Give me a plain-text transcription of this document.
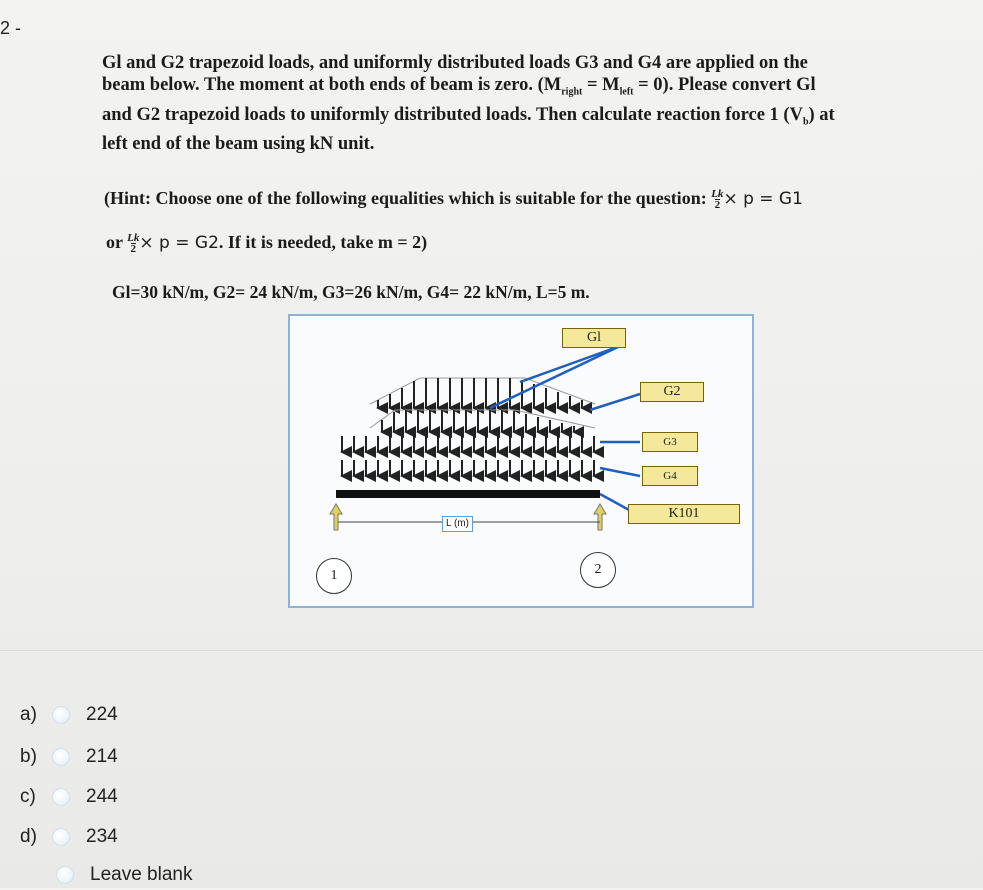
2 -

Gl and G2 trapezoid loads, and uniformly distributed loads G3 and G4 are applied on the

beam below. The moment at both ends of beam is zero. $(M_{right} = M_{left} = 0)$. Please convert Gl

and G2 trapezoid loads to uniformly distributed loads. Then calculate reaction force 1 $(V_b)$ at

left end of the beam using kN unit.

(Hint: Choose one of the following equalities which is suitable for the question: $\frac{Lk}{2} \times p = G1$
or $\frac{Lk}{2} \times p = G2$. If it is needed, take m = 2)
Gl=30 kN/m, G2= 24 kN/m, G3=26 kN/m, G4= 22 kN/m, L=5 m.
Gl
G2
G3
G4
K101
L (m)
1	2
a)	224
b)	214
c)	244
d)	234
Leave blank
